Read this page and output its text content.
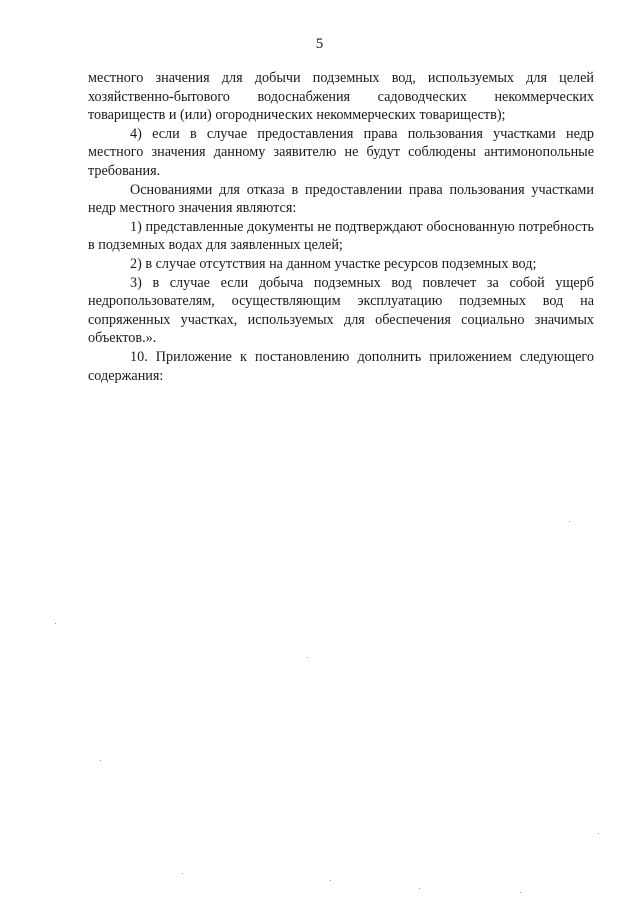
5

местного значения для добычи подземных вод, используемых для целей хозяйственно-бытового водоснабжения садоводческих некоммерческих товариществ и (или) огороднических некоммерческих товариществ);

4) если в случае предоставления права пользования участками недр местного значения данному заявителю не будут соблюдены антимонопольные требования.

Основаниями для отказа в предоставлении права пользования участками недр местного значения являются:

1) представленные документы не подтверждают обоснованную потребность в подземных водах для заявленных целей;

2) в случае отсутствия на данном участке ресурсов подземных вод;

3) в случае если добыча подземных вод повлечет за собой ущерб недропользователям, осуществляющим эксплуатацию подземных вод на сопряженных участках, используемых для обеспечения социально значимых объектов.».

10. Приложение к постановлению дополнить приложением следующего содержания:
